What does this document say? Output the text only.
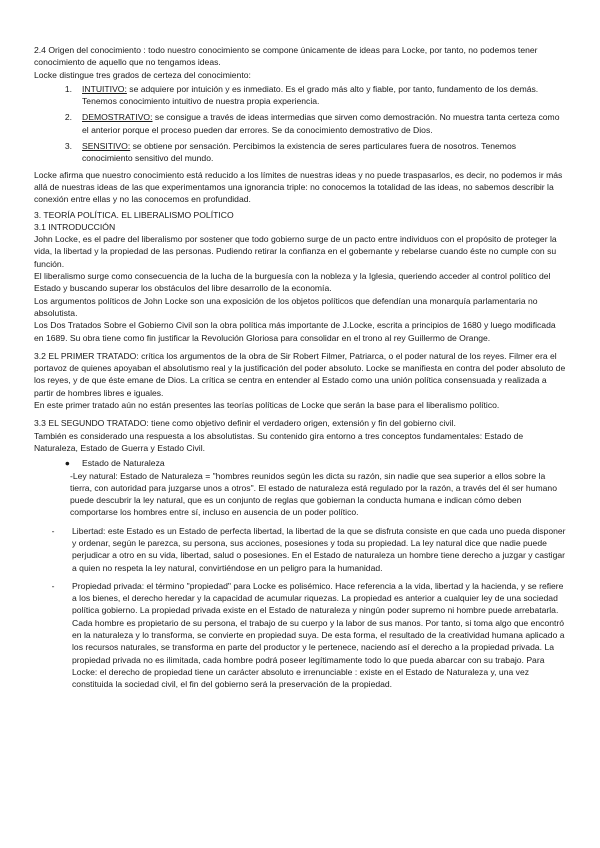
2.4 Origen del conocimiento : todo nuestro conocimiento se compone únicamente de ideas para Locke, por tanto, no podemos tener conocimiento de aquello que no tengamos ideas.

Locke distingue tres grados de certeza del conocimiento:

1.	INTUITIVO: se adquiere por intuición y es inmediato. Es el grado más alto y fiable, por tanto, fundamento de los demás. Tenemos conocimiento intuitivo de nuestra propia experiencia.
2.	DEMOSTRATIVO: se consigue a través de ideas intermedias que sirven como demostración. No muestra tanta certeza como el anterior porque el proceso pueden dar errores. Se da conocimiento demostrativo de Dios.
3.	SENSITIVO: se obtiene por sensación. Percibimos la existencia de seres particulares fuera de nosotros. Tenemos conocimiento sensitivo del mundo.

Locke afirma que nuestro conocimiento está reducido a los límites de nuestras ideas y no puede traspasarlos, es decir, no podemos ir más allá de nuestras ideas de las que experimentamos una ignorancia triple: no conocemos la totalidad de las ideas, no sabemos describir la conexión entre ellas y no las conocemos en profundidad.

3. TEORÍA POLÍTICA. EL LIBERALISMO POLÍTICO

3.1 INTRODUCCIÓN

John Locke, es el padre del liberalismo por sostener que todo gobierno surge de un pacto entre individuos con el propósito de proteger la vida, la libertad y la propiedad de las personas. Pudiendo retirar la confianza en el gobernante y rebelarse cuando éste no cumple con su función.

El liberalismo surge como consecuencia de la lucha de la burguesía con la nobleza y la Iglesia, queriendo acceder al control político del Estado y buscando superar los obstáculos del libre desarrollo de la economía.

Los argumentos políticos de John Locke son una exposición de los objetos políticos que defendían una monarquía parlamentaria no absolutista.

Los Dos Tratados Sobre el Gobierno Civil son la obra política más importante de J.Locke, escrita a principios de 1680 y luego modificada en 1689. Su obra tiene como fin justificar la Revolución Gloriosa para consolidar en el trono al rey Guillermo de Orange.

3.2 EL PRIMER TRATADO: crítica los argumentos de la obra de Sir Robert Filmer, Patriarca, o el poder natural de los reyes. Filmer era el portavoz de quienes apoyaban el absolutismo real y la justificación del poder absoluto. Locke se manifiesta en contra del poder absoluto de los reyes, y de que éste emane de Dios. La crítica se centra en entender al Estado como una unión política consensuada y realizada a partir de hombres libres e iguales.

En este primer tratado aún no están presentes las teorías políticas de Locke que serán la base para el liberalismo político.

3.3 EL SEGUNDO TRATADO: tiene como objetivo definir el verdadero origen, extensión y fin del gobierno civil.

También es considerado una respuesta a los absolutistas. Su contenido gira entorno a tres conceptos fundamentales: Estado de Naturaleza, Estado de Guerra y Estado Civil.

●	Estado de Naturaleza

-Ley natural: Estado de Naturaleza = "hombres reunidos según les dicta su razón, sin nadie que sea superior a ellos sobre la tierra, con autoridad para juzgarse unos a otros". El estado de naturaleza está regulado por la razón, a través del él ser humano puede descubrir la ley natural, que es un conjunto de reglas que gobiernan la conducta humana e indican cómo deben comportarse los hombres entre sí, incluso en ausencia de un poder político.

-	Libertad: este Estado es un Estado de perfecta libertad, la libertad de la que se disfruta consiste en que cada uno pueda disponer y ordenar, según le parezca, su persona, sus acciones, posesiones y toda su propiedad. La ley natural dice que nadie puede perjudicar a otro en su vida, libertad, salud o posesiones. En el Estado de naturaleza un hombre tiene derecho a juzgar y castigar a quien no respeta la ley natural, convirtiéndose en un peligro para la humanidad.

-	Propiedad privada: el término "propiedad" para Locke es polisémico. Hace referencia a la vida, libertad y la hacienda, y se refiere a los bienes, el derecho heredar y la capacidad de acumular riquezas. La propiedad es anterior a cualquier ley de una sociedad política gobierno. La propiedad privada existe en el Estado de naturaleza y ningún poder supremo ni hombre puede arrebatarla. Cada hombre es propietario de su persona, el trabajo de su cuerpo y la labor de sus manos. Por tanto, si toma algo que encontró en la naturaleza y lo transforma, se convierte en propiedad suya. De esta forma, el resultado de la creatividad humana aplicado a los recursos naturales, se transforma en parte del productor y le pertenece, naciendo así el derecho a la propiedad privada. La propiedad privada no es ilimitada, cada hombre podrá poseer legítimamente todo lo que pueda abarcar con su trabajo. Para Locke: el derecho de propiedad tiene un carácter absoluto e irrenunciable : existe en el Estado de Naturaleza y, una vez constituida la sociedad civil, el fin del gobierno será la preservación de la propiedad.
